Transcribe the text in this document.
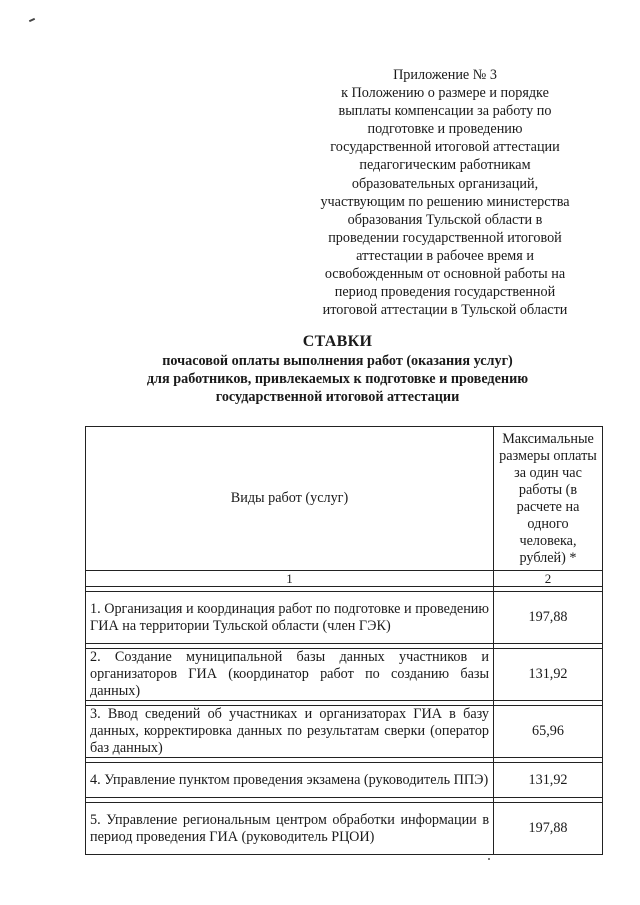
Приложение № 3
к Положению о размере и порядке
выплаты компенсации за работу по
подготовке и проведению
государственной итоговой аттестации
педагогическим работникам
образовательных организаций,
участвующим по решению министерства
образования Тульской области в
проведении государственной итоговой
аттестации в рабочее время и
освобожденным от основной работы на
период проведения государственной
итоговой аттестации в Тульской области
СТАВКИ
почасовой оплаты выполнения работ (оказания услуг)
для работников, привлекаемых к подготовке и проведению
государственной итоговой аттестации
Виды работ (услуг)	Максимальные размеры оплаты за один час работы (в расчете на одного человека, рублей) *
1	2

1. Организация и координация работ по подготовке и проведению ГИА на территории Тульской области (член ГЭК)	197,88

2. Создание муниципальной базы данных участников и организаторов ГИА (координатор работ по созданию базы данных)	131,92

3. Ввод сведений об участниках и организаторах ГИА в базу данных, корректировка данных по результатам сверки (оператор баз данных)	65,96

4. Управление пунктом проведения экзамена (руководитель ППЭ)	131,92

5. Управление региональным центром обработки информации в период проведения ГИА (руководитель РЦОИ)	197,88
